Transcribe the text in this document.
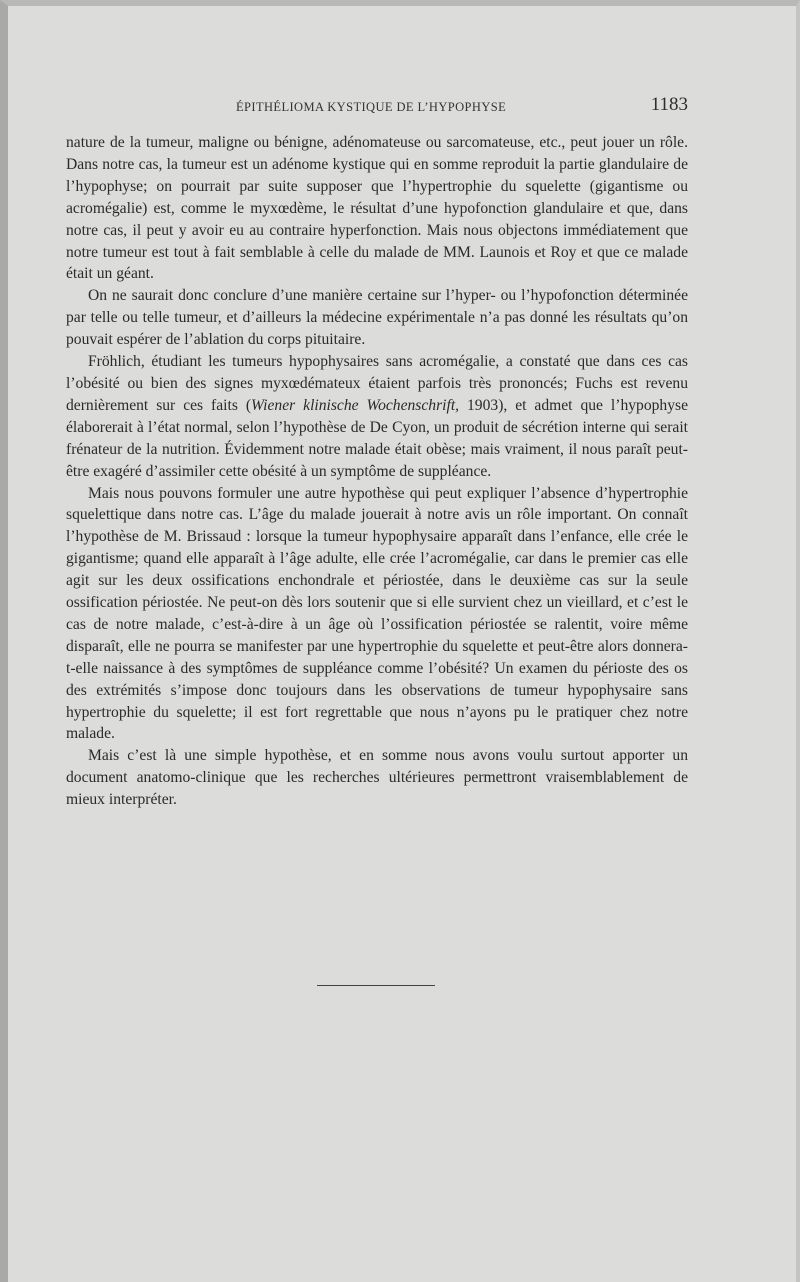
ÉPITHÉLIOMA KYSTIQUE DE L’HYPOPHYSE	1183

nature de la tumeur, maligne ou bénigne, adénomateuse ou sarcomateuse, etc., peut jouer un rôle. Dans notre cas, la tumeur est un adénome kystique qui en somme reproduit la partie glandulaire de l’hypophyse; on pourrait par suite supposer que l’hypertrophie du squelette (gigantisme ou acromégalie) est, comme le myxœdème, le résultat d’une hypofonction glandulaire et que, dans notre cas, il peut y avoir eu au contraire hyperfonction. Mais nous objectons immédiatement que notre tumeur est tout à fait semblable à celle du malade de MM. Launois et Roy et que ce malade était un géant.

On ne saurait donc conclure d’une manière certaine sur l’hyper- ou l’hypofonction déterminée par telle ou telle tumeur, et d’ailleurs la médecine expérimentale n’a pas donné les résultats qu’on pouvait espérer de l’ablation du corps pituitaire.

Fröhlich, étudiant les tumeurs hypophysaires sans acromégalie, a constaté que dans ces cas l’obésité ou bien des signes myxœdémateux étaient parfois très prononcés; Fuchs est revenu dernièrement sur ces faits (Wiener klinische Wochenschrift, 1903), et admet que l’hypophyse élaborerait à l’état normal, selon l’hypothèse de De Cyon, un produit de sécrétion interne qui serait frénateur de la nutrition. Évidemment notre malade était obèse; mais vraiment, il nous paraît peut-être exagéré d’assimiler cette obésité à un symptôme de suppléance.

Mais nous pouvons formuler une autre hypothèse qui peut expliquer l’absence d’hypertrophie squelettique dans notre cas. L’âge du malade jouerait à notre avis un rôle important. On connaît l’hypothèse de M. Brissaud : lorsque la tumeur hypophysaire apparaît dans l’enfance, elle crée le gigantisme; quand elle apparaît à l’âge adulte, elle crée l’acromégalie, car dans le premier cas elle agit sur les deux ossifications enchondrale et périostée, dans le deuxième cas sur la seule ossification périostée. Ne peut-on dès lors soutenir que si elle survient chez un vieillard, et c’est le cas de notre malade, c’est-à-dire à un âge où l’ossification périostée se ralentit, voire même disparaît, elle ne pourra se manifester par une hypertrophie du squelette et peut-être alors donnera-t-elle naissance à des symptômes de suppléance comme l’obésité? Un examen du périoste des os des extrémités s’impose donc toujours dans les observations de tumeur hypophysaire sans hypertrophie du squelette; il est fort regrettable que nous n’ayons pu le pratiquer chez notre malade.

Mais c’est là une simple hypothèse, et en somme nous avons voulu surtout apporter un document anatomo-clinique que les recherches ultérieures permettront vraisemblablement de mieux interpréter.
